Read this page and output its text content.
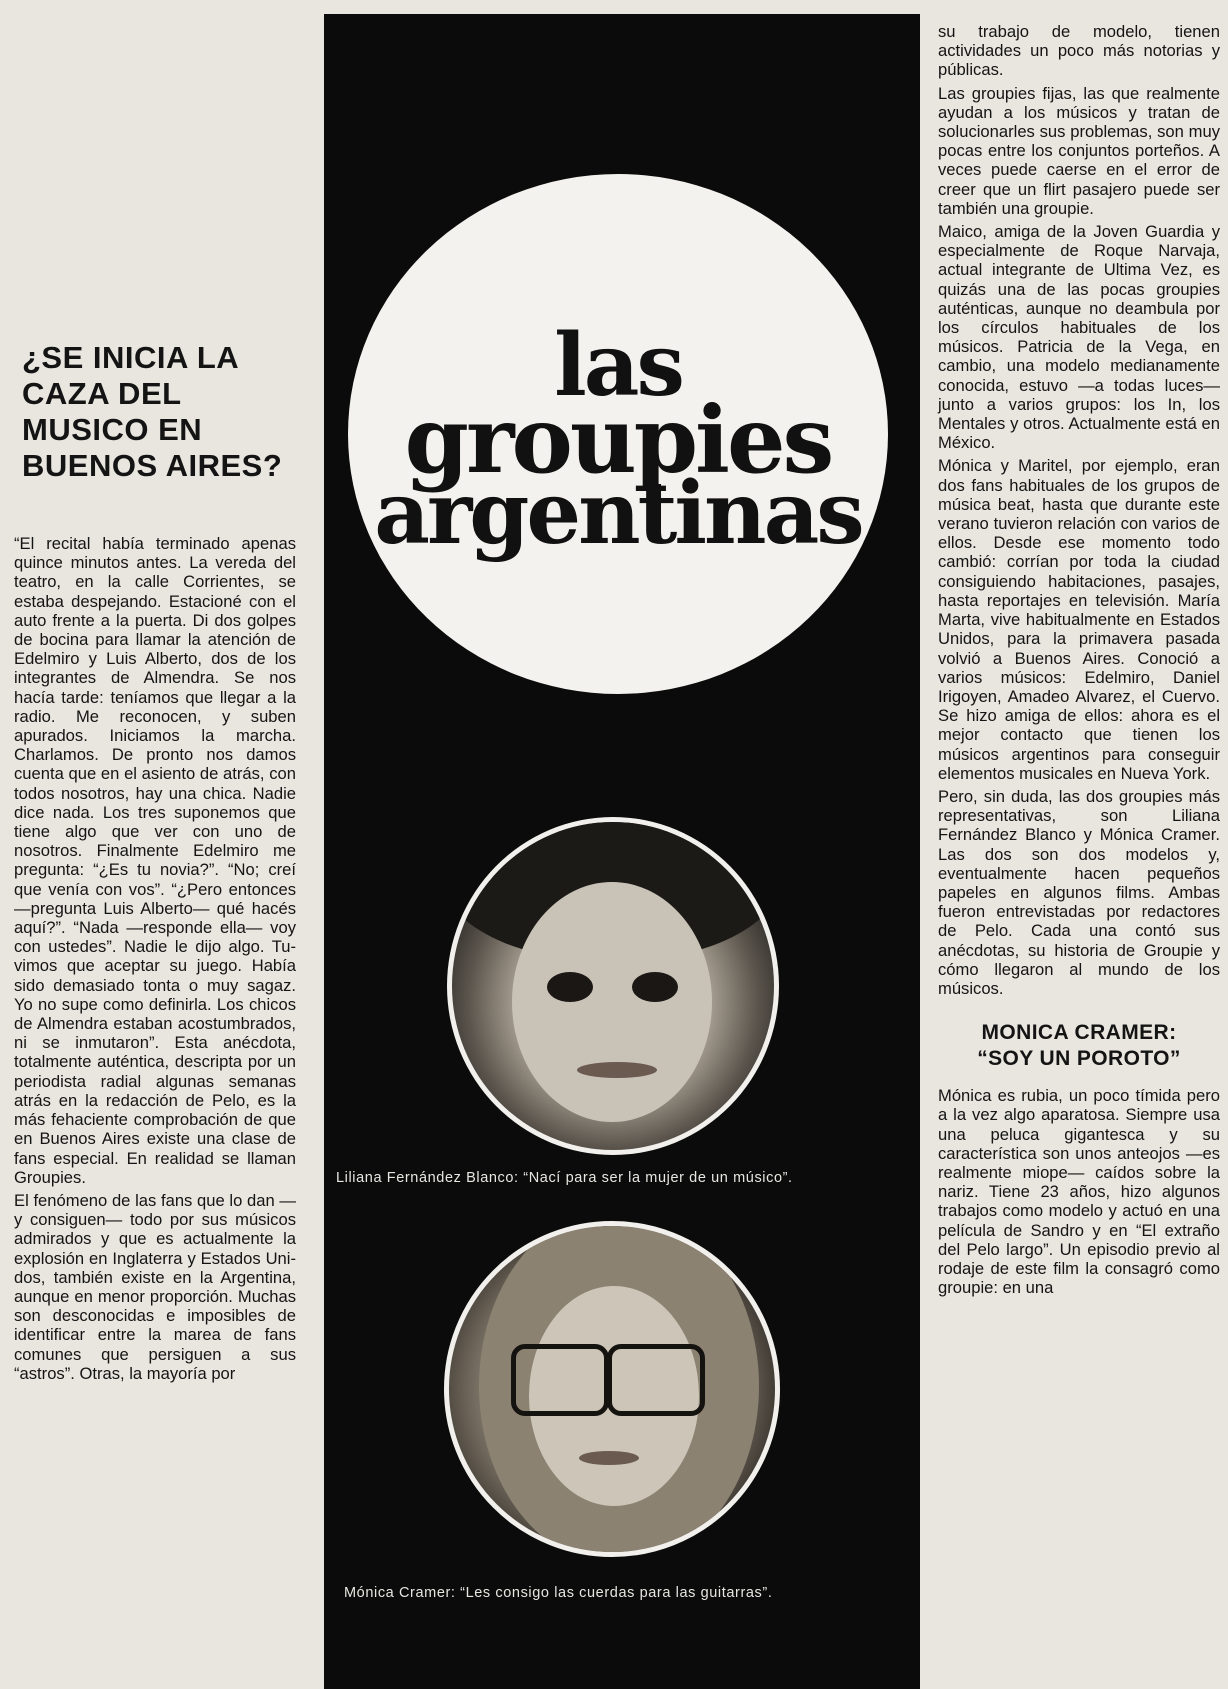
¿SE INICIA LA CAZA DEL MUSICO EN BUENOS AIRES?

“El recital había terminado apenas quince minutos antes. La vereda del teatro, en la calle Corrientes, se estaba despejando. Estacioné con el auto frente a la puerta. Di dos golpes de bocina para llamar la atención de Edelmiro y Luis Alberto, dos de los integrantes de Almendra. Se nos hacía tarde: teníamos que llegar a la radio. Me reconocen, y suben apurados. Iniciamos la marcha. Charlamos. De pronto nos damos cuenta que en el asiento de atrás, con todos nosotros, hay una chica. Nadie dice nada. Los tres suponemos que tiene algo que ver con uno de nosotros. Finalmente Edelmiro me pregunta: “¿Es tu novia?”. “No; creí que venía con vos”. “¿Pero entonces —pregunta Luis Alberto— qué hacés aquí?”. “Nada —responde ella— voy con ustedes”. Nadie le dijo algo. Tuvimos que aceptar su juego. Había sido demasiado tonta o muy sagaz. Yo no supe como definirla. Los chicos de Almendra estaban acostumbrados, ni se inmutaron”. Esta anécdota, totalmente auténtica, descripta por un periodista radial algunas semanas atrás en la redacción de Pelo, es la más fehaciente comprobación de que en Buenos Aires existe una clase de fans especial. En realidad se llaman Groupies.

El fenómeno de las fans que lo dan —y consiguen— todo por sus músicos admirados y que es actualmente la explosión en Inglaterra y Estados Unidos, también existe en la Argentina, aunque en menor proporción. Muchas son desconocidas e imposibles de identificar entre la marea de fans comunes que persiguen a sus “astros”. Otras, la mayoría por

las
groupies
argentinas
Liliana Fernández Blanco: “Nací para ser la mujer de un músico”.
Mónica Cramer: “Les consigo las cuerdas para las guitarras”.

su trabajo de modelo, tienen actividades un poco más notorias y públicas.

Las groupies fijas, las que realmente ayudan a los músicos y tratan de solucionarles sus problemas, son muy pocas entre los conjuntos porteños. A veces puede caerse en el error de creer que un flirt pasajero puede ser también una groupie.

Maico, amiga de la Joven Guardia y especialmente de Roque Narvaja, actual integrante de Ultima Vez, es quizás una de las pocas groupies auténticas, aunque no deambula por los círculos habituales de los músicos. Patricia de la Vega, en cambio, una modelo medianamente conocida, estuvo —a todas luces— junto a varios grupos: los In, los Mentales y otros. Actualmente está en México.

Mónica y Maritel, por ejemplo, eran dos fans habituales de los grupos de música beat, hasta que durante este verano tuvieron relación con varios de ellos. Desde ese momento todo cambió: corrían por toda la ciudad consiguiendo habitaciones, pasajes, hasta reportajes en televisión. María Marta, vive habitualmente en Estados Unidos, para la primavera pasada volvió a Buenos Aires. Conoció a varios músicos: Edelmiro, Daniel Irigoyen, Amadeo Alvarez, el Cuervo. Se hizo amiga de ellos: ahora es el mejor contacto que tienen los músicos argentinos para conseguir elementos musicales en Nueva York.

Pero, sin duda, las dos groupies más representativas, son Liliana Fernández Blanco y Mónica Cramer. Las dos son dos modelos y, eventualmente hacen pequeños papeles en algunos films. Ambas fueron entrevistadas por redactores de Pelo. Cada una contó sus anécdotas, su historia de Groupie y cómo llegaron al mundo de los músicos.

MONICA CRAMER:
“SOY UN POROTO”

Mónica es rubia, un poco tímida pero a la vez algo aparatosa. Siempre usa una peluca gigantesca y su característica son unos anteojos —es realmente miope— caídos sobre la nariz. Tiene 23 años, hizo algunos trabajos como modelo y actuó en una película de Sandro y en “El extraño del Pelo largo”. Un episodio previo al rodaje de este film la consagró como groupie: en una
